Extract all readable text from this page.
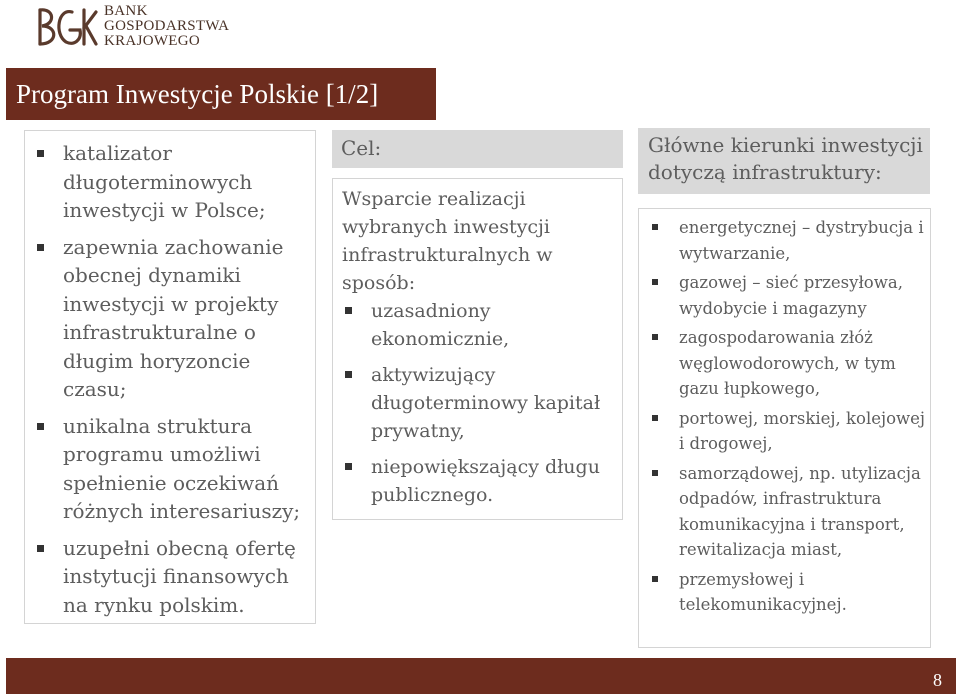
BANK
GOSPODARSTWA
KRAJOWEGO
Program Inwestycje Polskie [1/2]
katalizator długoterminowych inwestycji w Polsce;
zapewnia zachowanie obecnej dynamiki inwestycji w projekty infrastrukturalne o długim horyzoncie czasu;
unikalna struktura programu umożliwi spełnienie oczekiwań różnych interesariuszy;
uzupełni obecną ofertę instytucji finansowych na rynku polskim.
Cel:
Wsparcie realizacji wybranych inwestycji infrastrukturalnych w sposób:
uzasadniony ekonomicznie,
aktywizujący długoterminowy kapitał prywatny,
niepowiększający długu publicznego.
Główne kierunki inwestycji dotyczą infrastruktury:
energetycznej – dystrybucja i wytwarzanie,
gazowej – sieć przesyłowa, wydobycie i magazyny
zagospodarowania złóż węglowodorowych, w tym gazu łupkowego,
portowej, morskiej, kolejowej i drogowej,
samorządowej, np. utylizacja odpadów, infrastruktura komunikacyjna i transport, rewitalizacja miast,
przemysłowej i telekomunikacyjnej.
8
